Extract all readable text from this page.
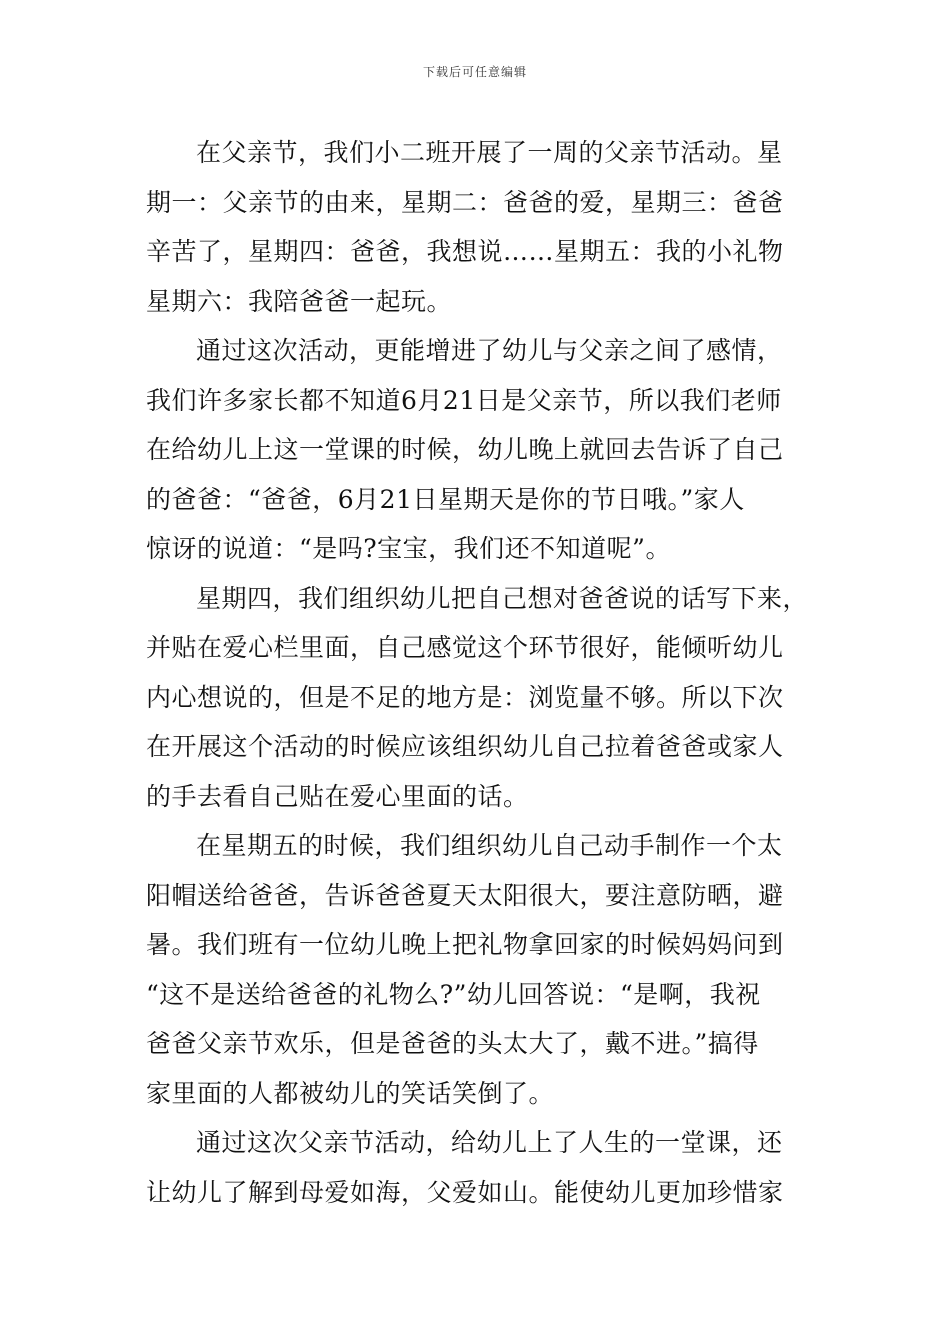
下载后可任意编辑
在父亲节，我们小二班开展了一周的父亲节活动。星
期一：父亲节的由来，星期二：爸爸的爱，星期三：爸爸
辛苦了，星期四：爸爸，我想说……星期五：我的小礼物
星期六：我陪爸爸一起玩。
通过这次活动，更能增进了幼儿与父亲之间了感情，
我们许多家长都不知道6月21日是父亲节，所以我们老师
在给幼儿上这一堂课的时候，幼儿晚上就回去告诉了自己
的爸爸：“爸爸，6月21日星期天是你的节日哦。”家人
惊讶的说道：“是吗?宝宝，我们还不知道呢”。
星期四，我们组织幼儿把自己想对爸爸说的话写下来，
并贴在爱心栏里面，自己感觉这个环节很好，能倾听幼儿
内心想说的，但是不足的地方是：浏览量不够。所以下次
在开展这个活动的时候应该组织幼儿自己拉着爸爸或家人
的手去看自己贴在爱心里面的话。
在星期五的时候，我们组织幼儿自己动手制作一个太
阳帽送给爸爸，告诉爸爸夏天太阳很大，要注意防晒，避
暑。我们班有一位幼儿晚上把礼物拿回家的时候妈妈问到
“这不是送给爸爸的礼物么?”幼儿回答说：“是啊，我祝
爸爸父亲节欢乐，但是爸爸的头太大了，戴不进。”搞得
家里面的人都被幼儿的笑话笑倒了。
通过这次父亲节活动，给幼儿上了人生的一堂课，还
让幼儿了解到母爱如海，父爱如山。能使幼儿更加珍惜家
